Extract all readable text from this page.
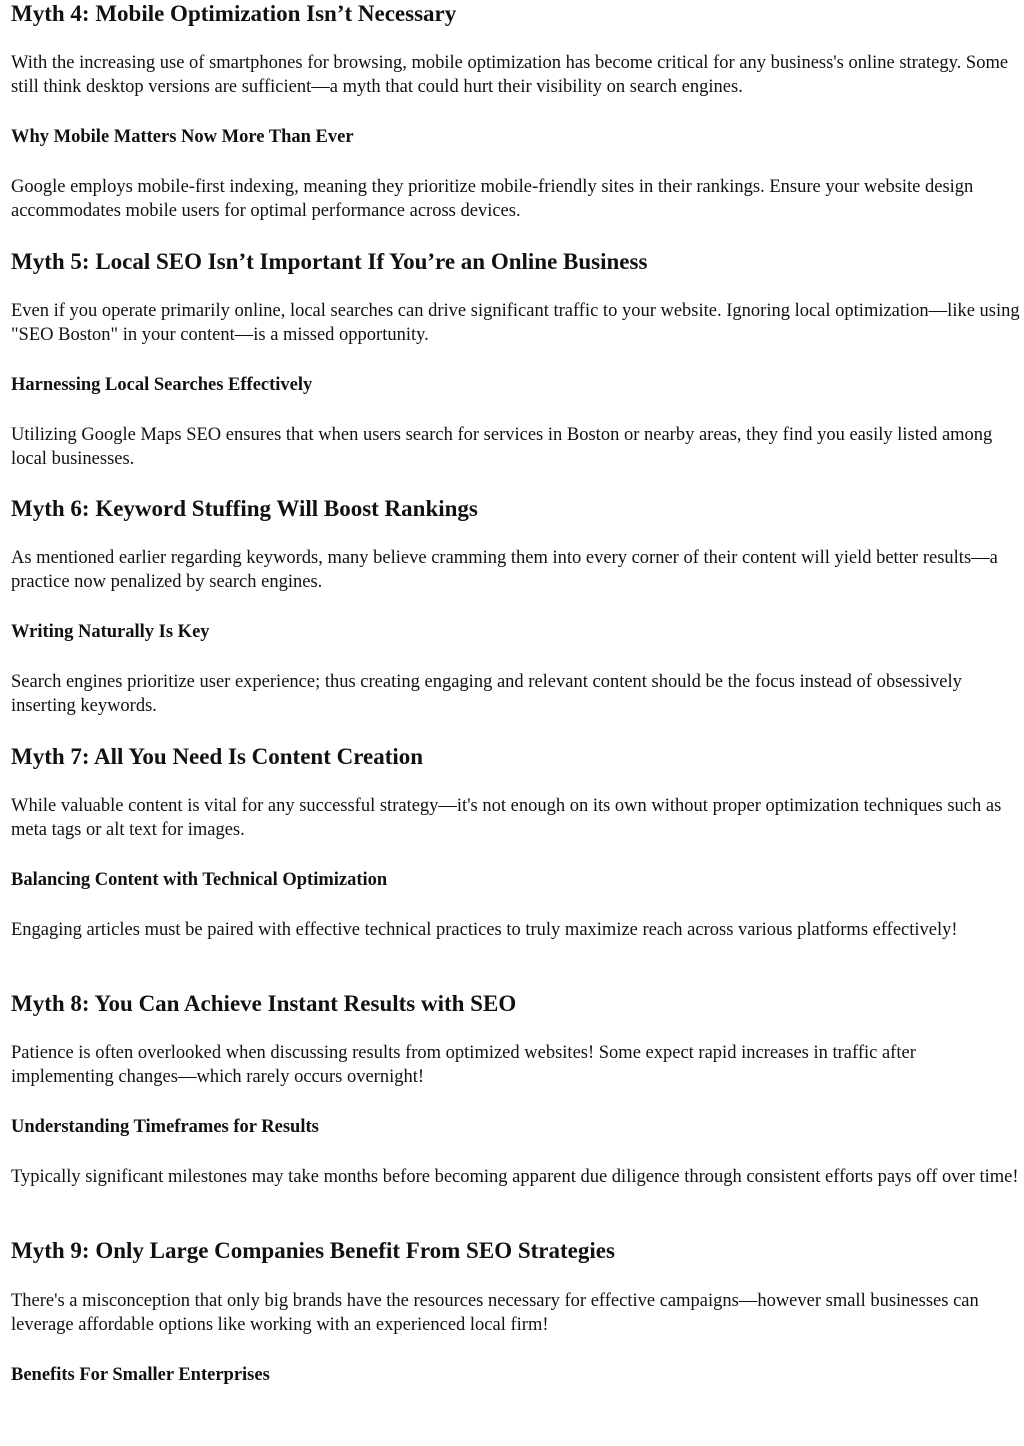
Myth 4: Mobile Optimization Isn’t Necessary

With the increasing use of smartphones for browsing, mobile optimization has become critical for any business's online strategy. Some still think desktop versions are sufficient—a myth that could hurt their visibility on search engines.

Why Mobile Matters Now More Than Ever

Google employs mobile-first indexing, meaning they prioritize mobile-friendly sites in their rankings. Ensure your website design accommodates mobile users for optimal performance across devices.

Myth 5: Local SEO Isn’t Important If You’re an Online Business

Even if you operate primarily online, local searches can drive significant traffic to your website. Ignoring local optimization—like using "SEO Boston" in your content—is a missed opportunity.

Harnessing Local Searches Effectively

Utilizing Google Maps SEO ensures that when users search for services in Boston or nearby areas, they find you easily listed among local businesses.

Myth 6: Keyword Stuffing Will Boost Rankings

As mentioned earlier regarding keywords, many believe cramming them into every corner of their content will yield better results—a practice now penalized by search engines.

Writing Naturally Is Key

Search engines prioritize user experience; thus creating engaging and relevant content should be the focus instead of obsessively inserting keywords.

Myth 7: All You Need Is Content Creation

While valuable content is vital for any successful strategy—it's not enough on its own without proper optimization techniques such as meta tags or alt text for images.

Balancing Content with Technical Optimization

Engaging articles must be paired with effective technical practices to truly maximize reach across various platforms effectively!

Myth 8: You Can Achieve Instant Results with SEO

Patience is often overlooked when discussing results from optimized websites! Some expect rapid increases in traffic after implementing changes—which rarely occurs overnight!

Understanding Timeframes for Results

Typically significant milestones may take months before becoming apparent due diligence through consistent efforts pays off over time!

Myth 9: Only Large Companies Benefit From SEO Strategies

There's a misconception that only big brands have the resources necessary for effective campaigns—however small businesses can leverage affordable options like working with an experienced local firm!

Benefits For Smaller Enterprises
